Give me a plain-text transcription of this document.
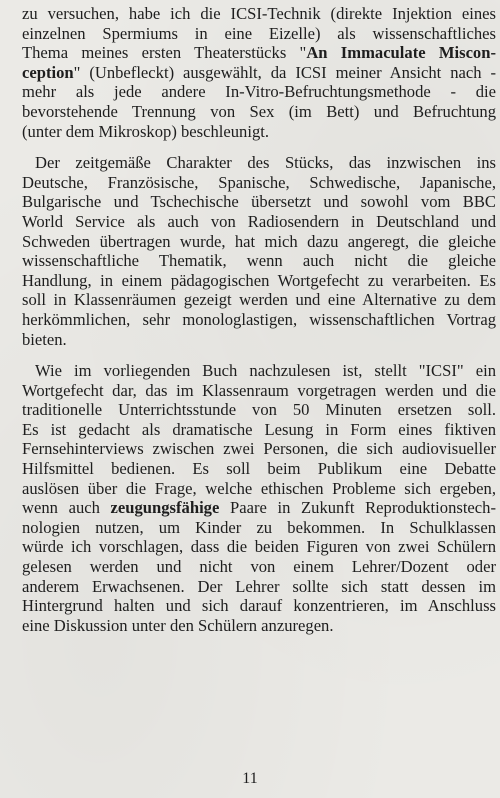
zu versuchen, habe ich die ICSI-Technik (direkte Injektion eines
einzelnen Spermiums in eine Eizelle) als wissenschaftliches
Thema meines ersten Theaterstücks "An Immaculate Miscon-
ception" (Unbefleckt) ausgewählt, da ICSI meiner Ansicht nach -
mehr als jede andere In-Vitro-Befruchtungsmethode - die
bevorstehende Trennung von Sex (im Bett) und Befruchtung
(unter dem Mikroskop) beschleunigt.
Der zeitgemäße Charakter des Stücks, das inzwischen ins
Deutsche, Französische, Spanische, Schwedische, Japanische,
Bulgarische und Tschechische übersetzt und sowohl vom BBC
World Service als auch von Radiosendern in Deutschland und
Schweden übertragen wurde, hat mich dazu angeregt, die gleiche
wissenschaftliche Thematik, wenn auch nicht die gleiche
Handlung, in einem pädagogischen Wortgefecht zu verarbeiten. Es
soll in Klassenräumen gezeigt werden und eine Alternative zu dem
herkömmlichen, sehr monologlastigen, wissenschaftlichen Vortrag
bieten.
Wie im vorliegenden Buch nachzulesen ist, stellt "ICSI" ein
Wortgefecht dar, das im Klassenraum vorgetragen werden und die
traditionelle Unterrichtsstunde von 50 Minuten ersetzen soll.
Es ist gedacht als dramatische Lesung in Form eines fiktiven
Fernsehinterviews zwischen zwei Personen, die sich audiovisueller
Hilfsmittel bedienen. Es soll beim Publikum eine Debatte
auslösen über die Frage, welche ethischen Probleme sich ergeben,
wenn auch zeugungsfähige Paare in Zukunft Reproduktionstech-
nologien nutzen, um Kinder zu bekommen. In Schulklassen
würde ich vorschlagen, dass die beiden Figuren von zwei Schülern
gelesen werden und nicht von einem Lehrer/Dozent oder
anderem Erwachsenen. Der Lehrer sollte sich statt dessen im
Hintergrund halten und sich darauf konzentrieren, im Anschluss
eine Diskussion unter den Schülern anzuregen.
11
